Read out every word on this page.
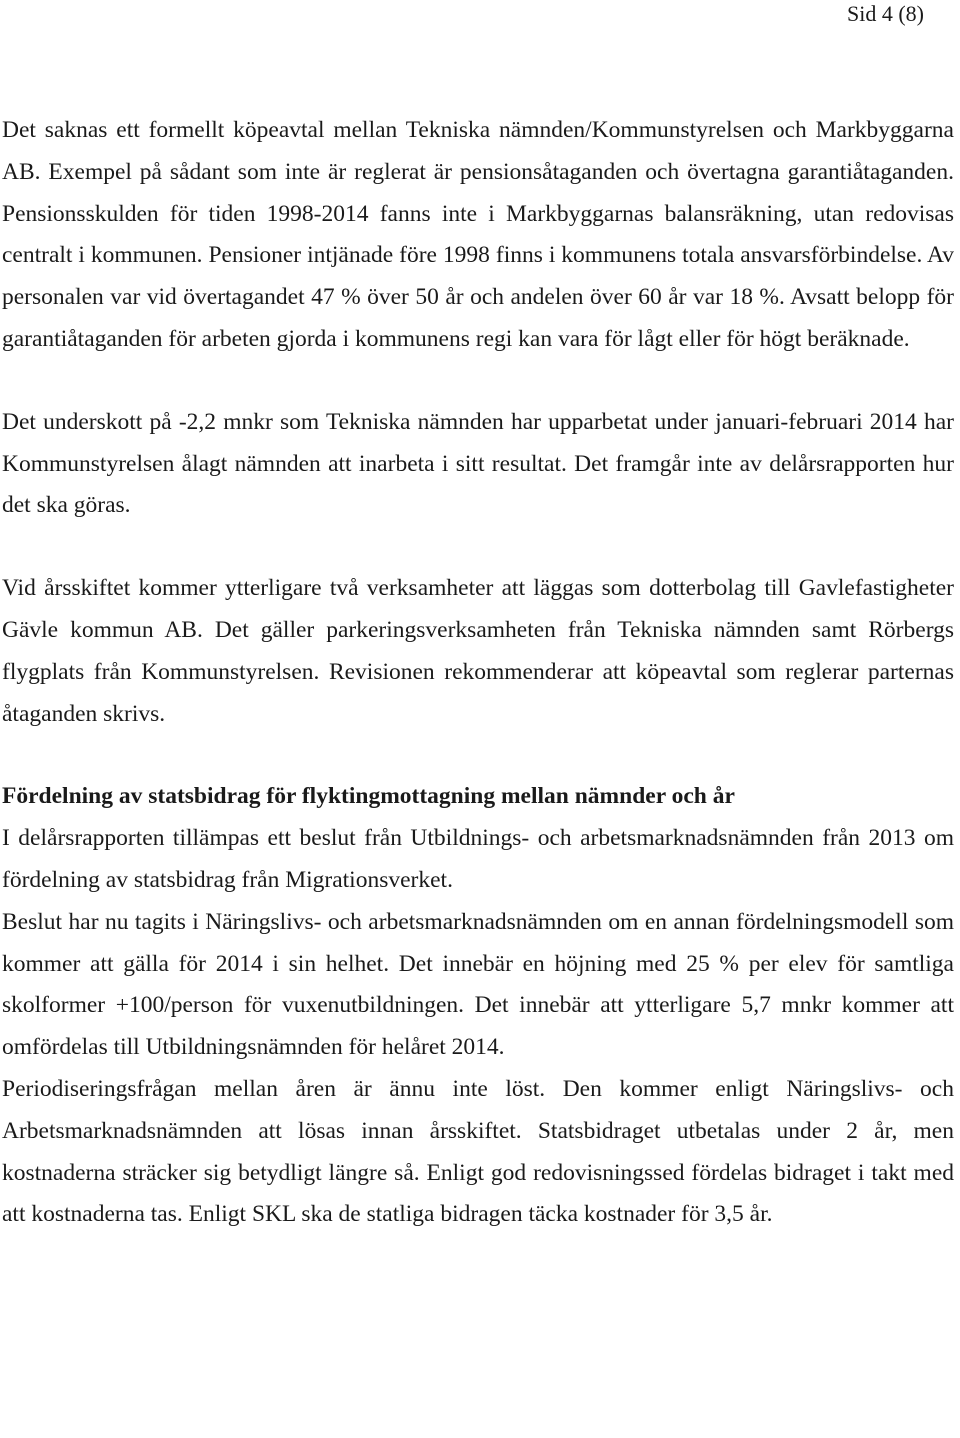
Sid 4 (8)

Det saknas ett formellt köpeavtal mellan Tekniska nämnden/Kommunstyrelsen och Markbyggarna AB. Exempel på sådant som inte är reglerat är pensionsåtaganden och övertagna garantiåtaganden. Pensionsskulden för tiden 1998-2014 fanns inte i Markbyggarnas balansräkning, utan redovisas centralt i kommunen. Pensioner intjänade före 1998 finns i kommunens totala ansvarsförbindelse. Av personalen var vid övertagandet 47 % över 50 år och andelen över 60 år var 18 %. Avsatt belopp för garantiåtaganden för arbeten gjorda i kommunens regi kan vara för lågt eller för högt beräknade.

Det underskott på -2,2 mnkr som Tekniska nämnden har upparbetat under januari-februari 2014 har Kommunstyrelsen ålagt nämnden att inarbeta i sitt resultat. Det framgår inte av delårsrapporten hur det ska göras.

Vid årsskiftet kommer ytterligare två verksamheter att läggas som dotterbolag till Gavlefastigheter Gävle kommun AB. Det gäller parkeringsverksamheten från Tekniska nämnden samt Rörbergs flygplats från Kommunstyrelsen. Revisionen rekommenderar att köpeavtal som reglerar parternas åtaganden skrivs.

Fördelning av statsbidrag för flyktingmottagning mellan nämnder och år

I delårsrapporten tillämpas ett beslut från Utbildnings- och arbetsmarknadsnämnden från 2013 om fördelning av statsbidrag från Migrationsverket.

Beslut har nu tagits i Näringslivs- och arbetsmarknadsnämnden om en annan fördelningsmodell som kommer att gälla för 2014 i sin helhet. Det innebär en höjning med 25 % per elev för samtliga skolformer +100/person för vuxenutbildningen. Det innebär att ytterligare 5,7 mnkr kommer att omfördelas till Utbildningsnämnden för helåret 2014.

Periodiseringsfrågan mellan åren är ännu inte löst. Den kommer enligt Näringslivs- och Arbetsmarknadsnämnden att lösas innan årsskiftet. Statsbidraget utbetalas under 2 år, men kostnaderna sträcker sig betydligt längre så. Enligt god redovisningssed fördelas bidraget i takt med att kostnaderna tas. Enligt SKL ska de statliga bidragen täcka kostnader för 3,5 år.
